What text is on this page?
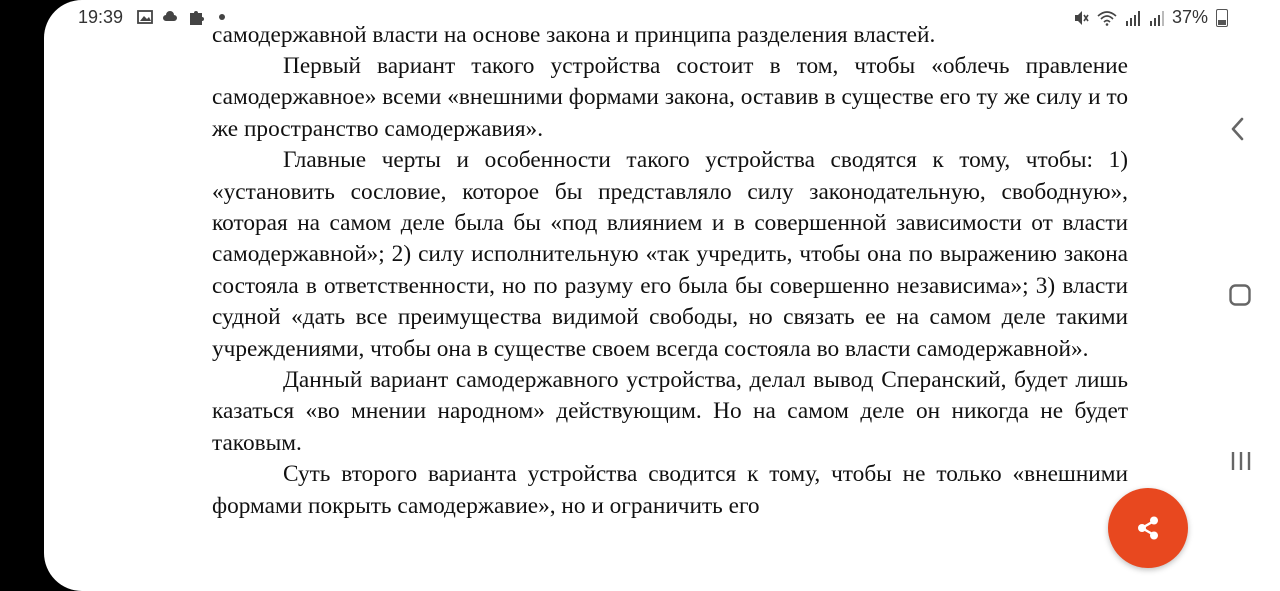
19:39	37%
самодержавной власти на основе закона и принципа разделения властей.

Первый вариант такого устройства состоит в том, чтобы «облечь правление самодержавное» всеми «внешними формами закона, оставив в существе его ту же силу и то же пространство самодержавия».

Главные черты и особенности такого устройства сводятся к тому, чтобы: 1) «установить сословие, которое бы представляло силу законодательную, свободную», которая на самом деле была бы «под влиянием и в совершенной зависимости от власти самодержавной»; 2) силу исполнительную «так учредить, чтобы она по выражению закона состояла в ответственности, но по разуму его была бы совершенно независима»; 3) власти судной «дать все преимущества видимой свободы, но связать ее на самом деле такими учреждениями, чтобы она в существе своем всегда состояла во власти самодержавной».

Данный вариант самодержавного устройства, делал вывод Сперанский, будет лишь казаться «во мнении народном» действующим. Но на самом деле он никогда не будет таковым.

Суть второго варианта устройства сводится к тому, чтобы не только «внешними формами покрыть самодержавие», но и ограничить его
